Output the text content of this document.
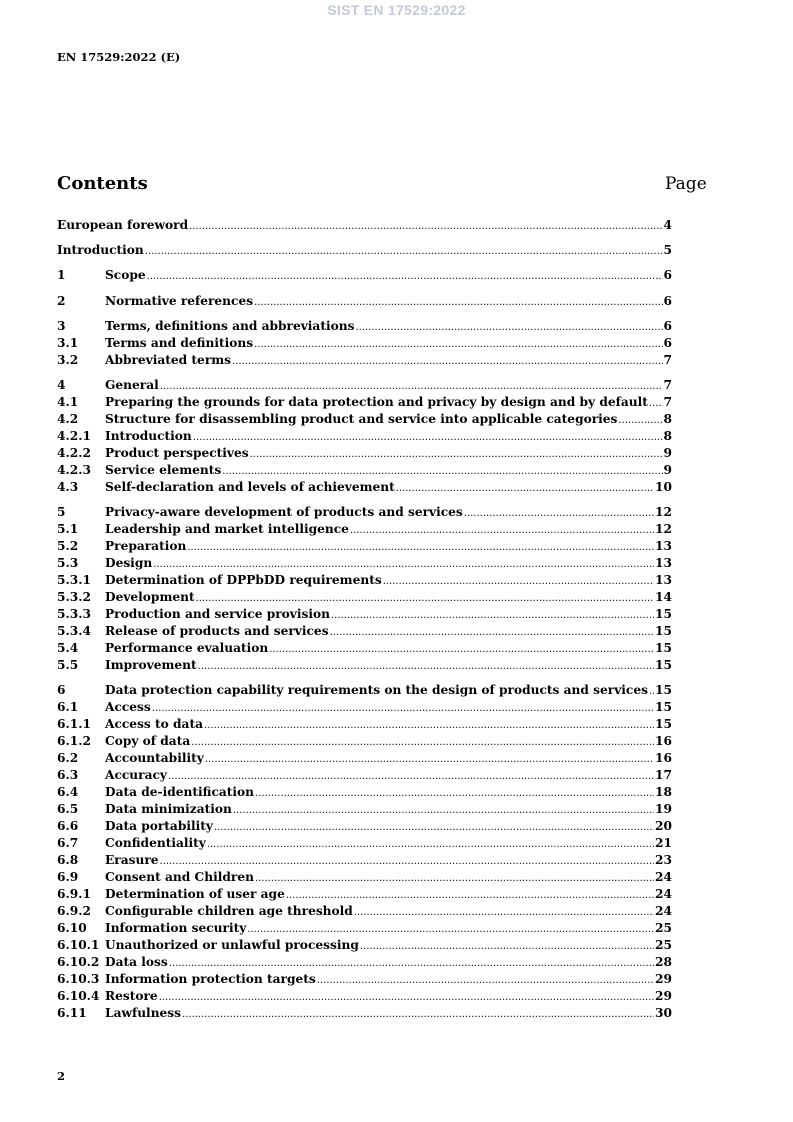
SIST EN 17529:2022
EN 17529:2022 (E)
Contents	Page
European foreword .....	4
Introduction .....	5
1	Scope .....	6
2	Normative references .....	6
3	Terms, definitions and abbreviations .....	6
3.1	Terms and definitions .....	6
3.2	Abbreviated terms .....	7
4	General .....	7
4.1	Preparing the grounds for data protection and privacy by design and by default ..... 7
4.2	Structure for disassembling product and service into applicable categories .....	8
4.2.1	Introduction .....	8
4.2.2	Product perspectives .....	9
4.2.3	Service elements .....	9
4.3	Self-declaration and levels of achievement .....	10
5	Privacy-aware development of products and services .....	12
5.1	Leadership and market intelligence .....	12
5.2	Preparation .....	13
5.3	Design .....	13
5.3.1	Determination of DPPbDD requirements .....	13
5.3.2	Development .....	14
5.3.3	Production and service provision .....	15
5.3.4	Release of products and services .....	15
5.4	Performance evaluation .....	15
5.5	Improvement .....	15
6	Data protection capability requirements on the design of products and services ..... 15
6.1	Access .....	15
6.1.1	Access to data .....	15
6.1.2	Copy of data .....	16
6.2	Accountability .....	16
6.3	Accuracy .....	17
6.4	Data de-identification .....	18
6.5	Data minimization .....	19
6.6	Data portability .....	20
6.7	Confidentiality .....	21
6.8	Erasure .....	23
6.9	Consent and Children .....	24
6.9.1	Determination of user age .....	24
6.9.2	Configurable children age threshold .....	24
6.10	Information security .....	25
6.10.1 Unauthorized or unlawful processing .....	25
6.10.2 Data loss .....	28
6.10.3 Information protection targets .....	29
6.10.4 Restore .....	29
6.11	Lawfulness .....	30
2
